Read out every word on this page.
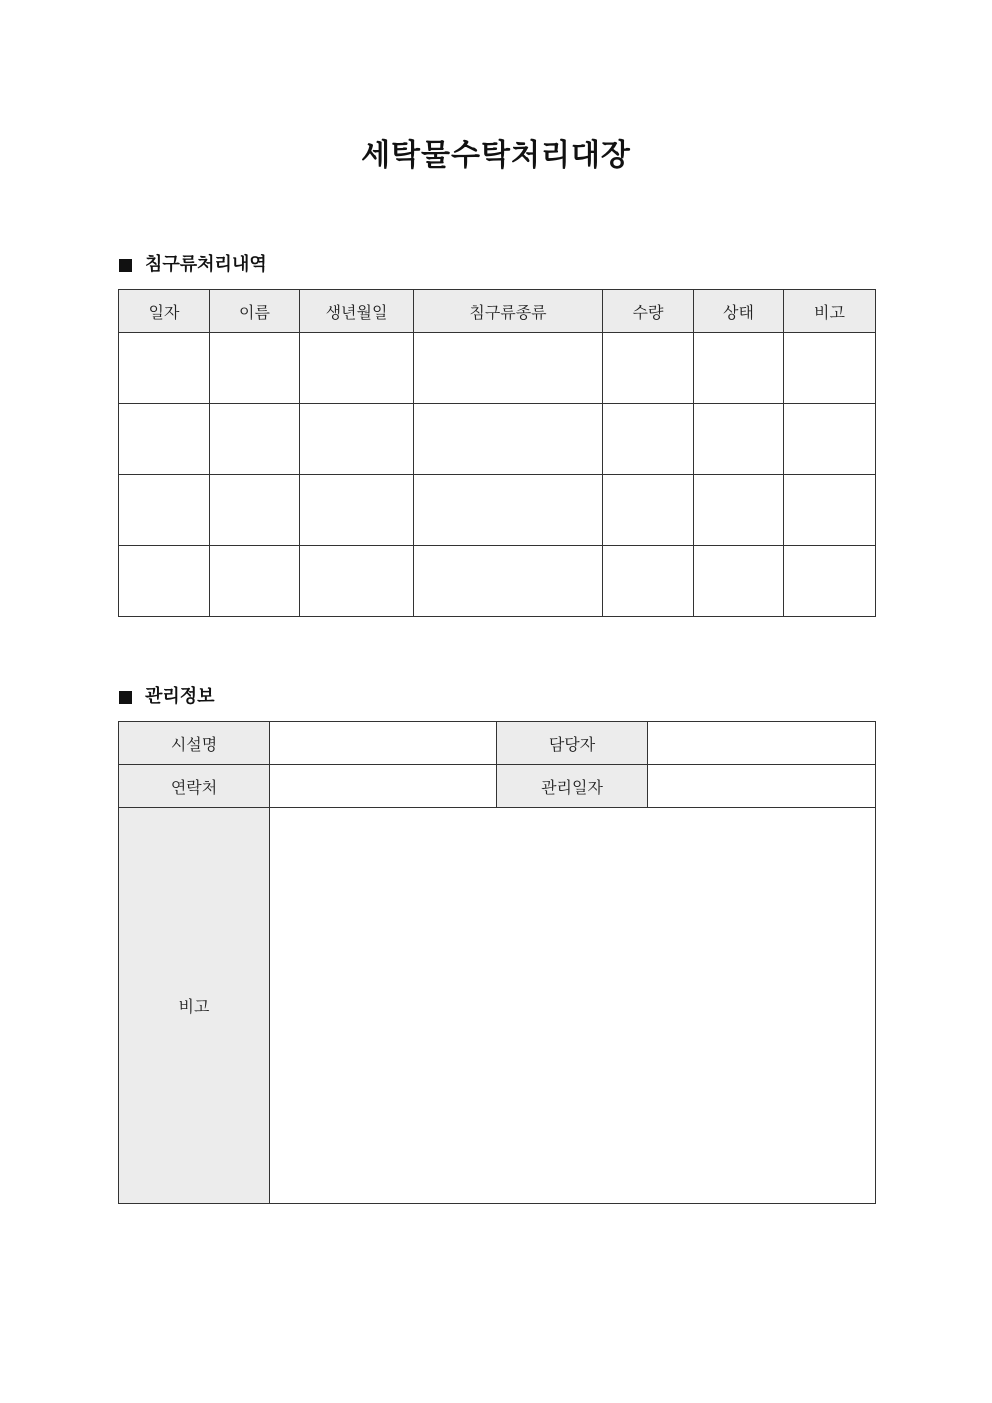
세탁물수탁처리대장
침구류처리내역
일자	이름	생년월일	침구류종류	수량	상태	비고

관리정보
시설명		담당자	
연락처		관리일자	
비고			
